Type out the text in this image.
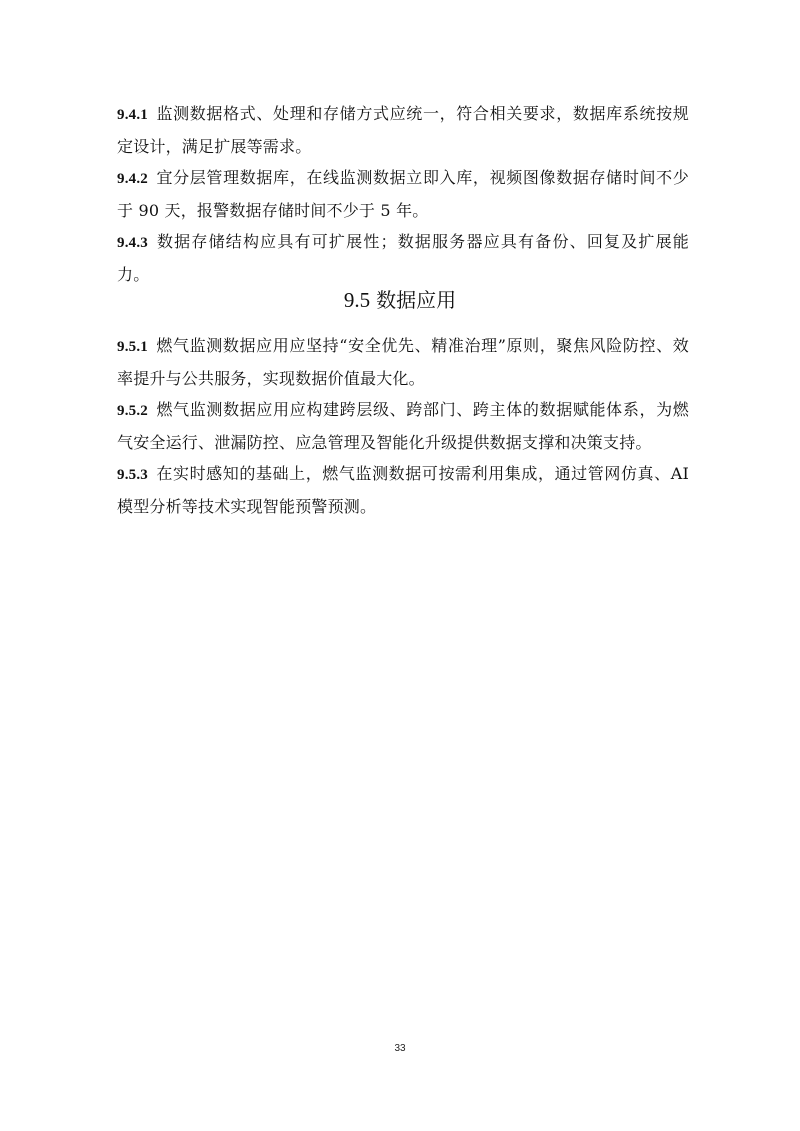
9.4.1 监测数据格式、处理和存储方式应统一，符合相关要求，数据库系统按规定设计，满足扩展等需求。

9.4.2 宜分层管理数据库，在线监测数据立即入库，视频图像数据存储时间不少于 90 天，报警数据存储时间不少于 5 年。

9.4.3 数据存储结构应具有可扩展性；数据服务器应具有备份、回复及扩展能力。

9.5 数据应用

9.5.1 燃气监测数据应用应坚持“安全优先、精准治理”原则，聚焦风险防控、效率提升与公共服务，实现数据价值最大化。

9.5.2 燃气监测数据应用应构建跨层级、跨部门、跨主体的数据赋能体系，为燃气安全运行、泄漏防控、应急管理及智能化升级提供数据支撑和决策支持。

9.5.3 在实时感知的基础上，燃气监测数据可按需利用集成，通过管网仿真、AI 模型分析等技术实现智能预警预测。

33
